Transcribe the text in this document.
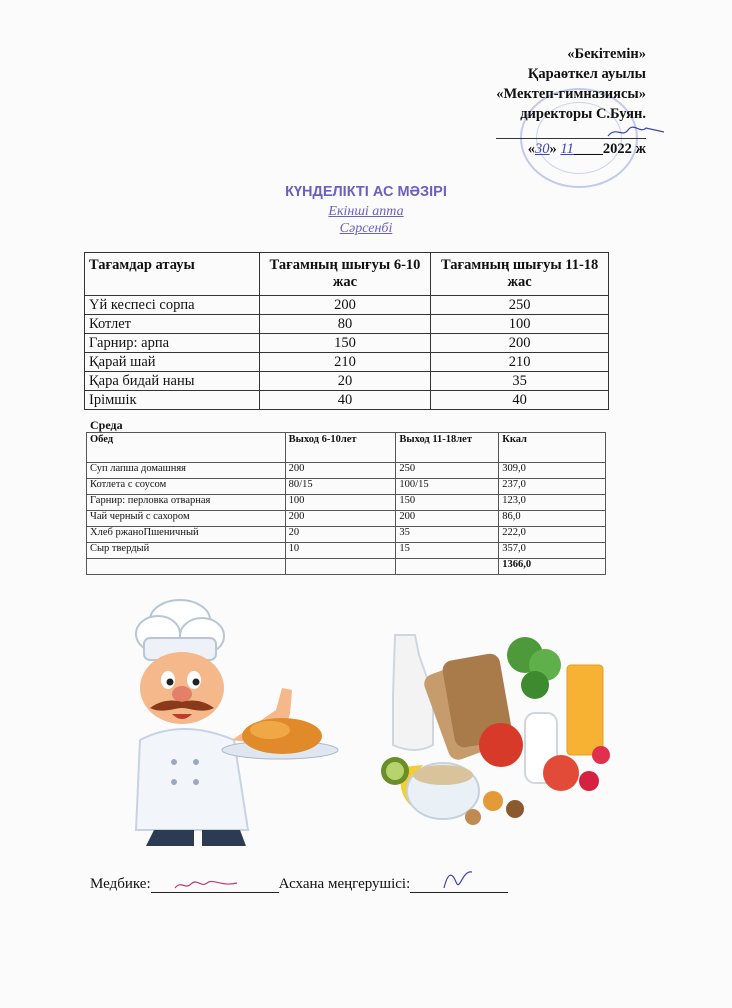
«Бекітемін»
Қараөткел ауылы
«Мектеп-гимназиясы»
директоры С.Буян.
«30» 11____2022 ж
КҮНДЕЛІКТІ АС МӘЗІРІ
Екінші апта
Сәрсенбі
Тағамдар атауы	Тағамның шығуы 6-10 жас	Тағамның шығуы 11-18 жас
Үй кеспесі сорпа	200	250
Котлет	80	100
Гарнир: арпа	150	200
Қарай шай	210	210
Қара бидай наны	20	35
Ірімшік	40	40
Среда
Обед	Выход 6-10лет	Выход 11-18лет	Ккал
Суп лапша домашняя	200	250	309,0
Котлета с соусом	80/15	100/15	237,0
Гарнир: перловка отварная	100	150	123,0
Чай черный с сахором	200	200	86,0
Хлеб ржаноПшеничный	20	35	222,0
Сыр твердый	10	15	357,0
			1366,0
Медбике:	Асхана меңгерушісі:
